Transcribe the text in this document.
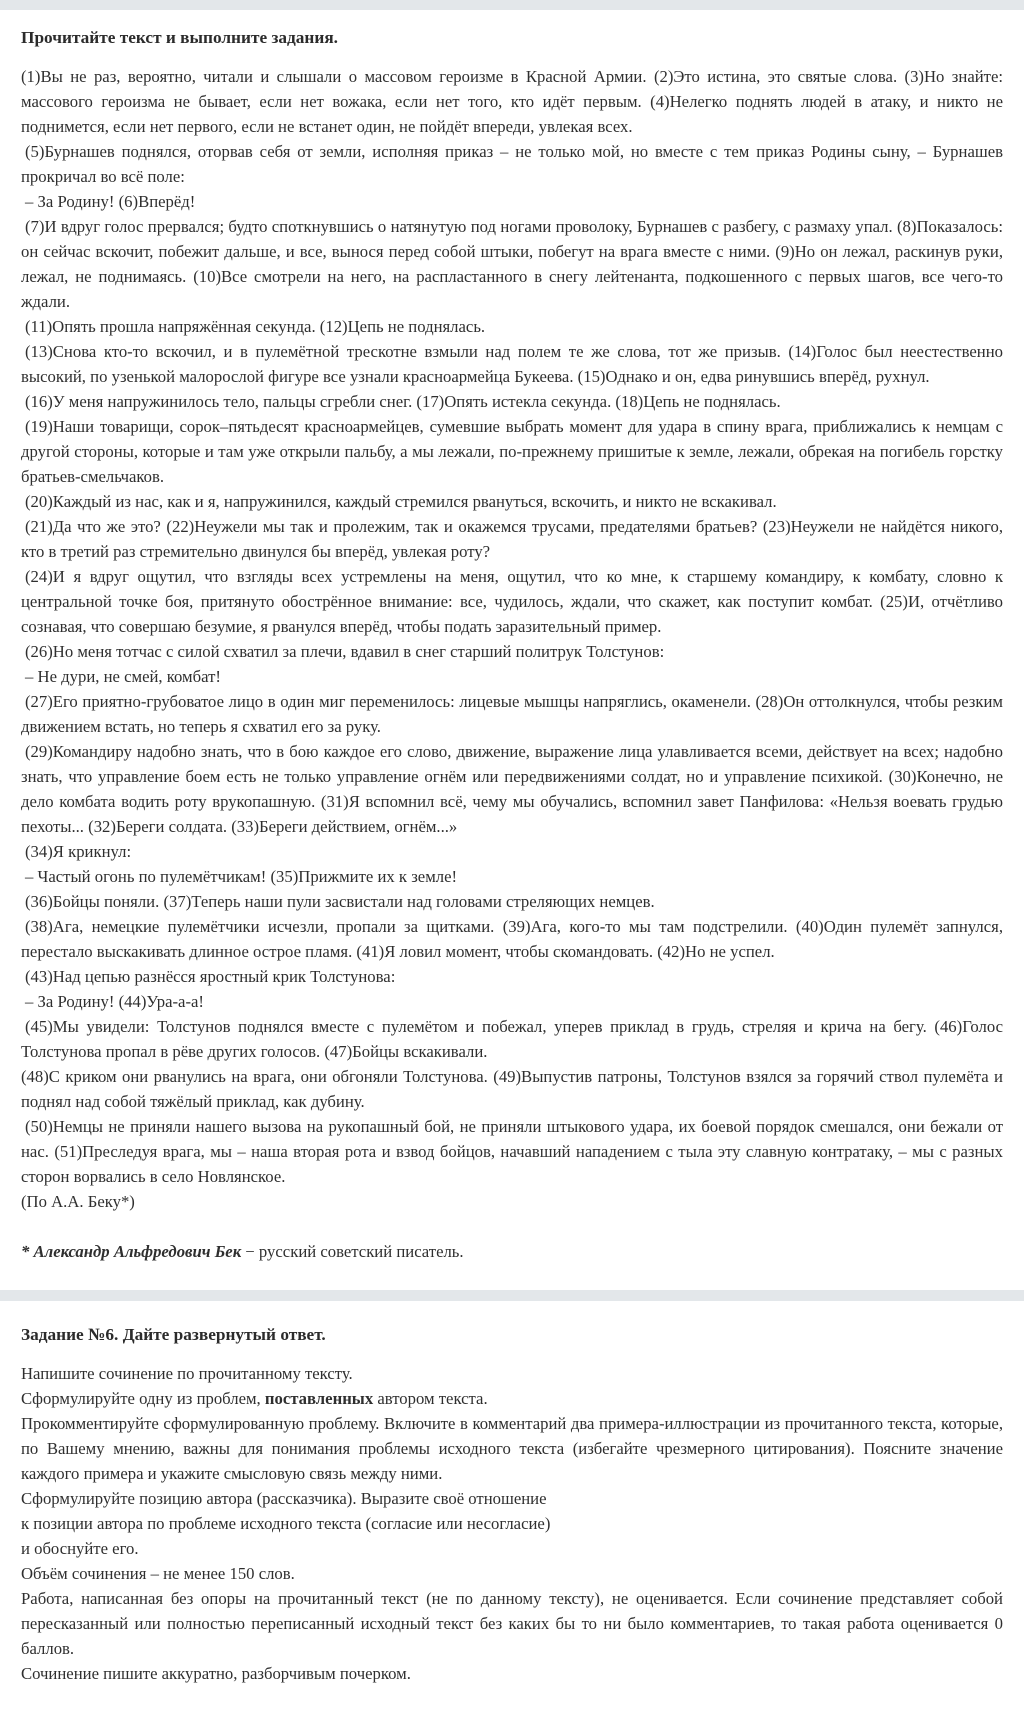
Прочитайте текст и выполните задания.

(1)Вы не раз, вероятно, читали и слышали о массовом героизме в Красной Армии. (2)Это истина, это святые слова. (3)Но знайте: массового героизма не бывает, если нет вожака, если нет того, кто идёт первым. (4)Нелегко поднять людей в атаку, и никто не поднимется, если нет первого, если не встанет один, не пойдёт впереди, увлекая всех.

(5)Бурнашев поднялся, оторвав себя от земли, исполняя приказ – не только мой, но вместе с тем приказ Родины сыну, – Бурнашев прокричал во всё поле:

– За Родину! (6)Вперёд!

(7)И вдруг голос прервался; будто споткнувшись о натянутую под ногами проволоку, Бурнашев с разбегу, с размаху упал. (8)Показалось: он сейчас вскочит, побежит дальше, и все, вынося перед собой штыки, побегут на врага вместе с ними. (9)Но он лежал, раскинув руки, лежал, не поднимаясь. (10)Все смотрели на него, на распластанного в снегу лейтенанта, подкошенного с первых шагов, все чего-то ждали.

(11)Опять прошла напряжённая секунда. (12)Цепь не поднялась.

(13)Снова кто-то вскочил, и в пулемётной трескотне взмыли над полем те же слова, тот же призыв. (14)Голос был неестественно высокий, по узенькой малорослой фигуре все узнали красноармейца Букеева. (15)Однако и он, едва ринувшись вперёд, рухнул.

(16)У меня напружинилось тело, пальцы сгребли снег. (17)Опять истекла секунда. (18)Цепь не поднялась.

(19)Наши товарищи, сорок–пятьдесят красноармейцев, сумевшие выбрать момент для удара в спину врага, приближались к немцам с другой стороны, которые и там уже открыли пальбу, а мы лежали, по-прежнему пришитые к земле, лежали, обрекая на погибель горстку братьев-смельчаков.

(20)Каждый из нас, как и я, напружинился, каждый стремился рвануться, вскочить, и никто не вскакивал.

(21)Да что же это? (22)Неужели мы так и пролежим, так и окажемся трусами, предателями братьев? (23)Неужели не найдётся никого, кто в третий раз стремительно двинулся бы вперёд, увлекая роту?

(24)И я вдруг ощутил, что взгляды всех устремлены на меня, ощутил, что ко мне, к старшему командиру, к комбату, словно к центральной точке боя, притянуто обострённое внимание: все, чудилось, ждали, что скажет, как поступит комбат. (25)И, отчётливо сознавая, что совершаю безумие, я рванулся вперёд, чтобы подать заразительный пример.

(26)Но меня тотчас с силой схватил за плечи, вдавил в снег старший политрук Толстунов:

– Не дури, не смей, комбат!

(27)Его приятно-грубоватое лицо в один миг переменилось: лицевые мышцы напряглись, окаменели. (28)Он оттолкнулся, чтобы резким движением встать, но теперь я схватил его за руку.

(29)Командиру надобно знать, что в бою каждое его слово, движение, выражение лица улавливается всеми, действует на всех; надобно знать, что управление боем есть не только управление огнём или передвижениями солдат, но и управление психикой. (30)Конечно, не дело комбата водить роту врукопашную. (31)Я вспомнил всё, чему мы обучались, вспомнил завет Панфилова: «Нельзя воевать грудью пехоты... (32)Береги солдата. (33)Береги действием, огнём...»

(34)Я крикнул:

– Частый огонь по пулемётчикам! (35)Прижмите их к земле!

(36)Бойцы поняли. (37)Теперь наши пули засвистали над головами стреляющих немцев.

(38)Ага, немецкие пулемётчики исчезли, пропали за щитками. (39)Ага, кого-то мы там подстрелили. (40)Один пулемёт запнулся, перестало выскакивать длинное острое пламя. (41)Я ловил момент, чтобы скомандовать. (42)Но не успел.

(43)Над цепью разнёсся яростный крик Толстунова:

– За Родину! (44)Ура-а-а!

(45)Мы увидели: Толстунов поднялся вместе с пулемётом и побежал, уперев приклад в грудь, стреляя и крича на бегу. (46)Голос Толстунова пропал в рёве других голосов. (47)Бойцы вскакивали.

(48)С криком они рванулись на врага, они обгоняли Толстунова. (49)Выпустив патроны, Толстунов взялся за горячий ствол пулемёта и поднял над собой тяжёлый приклад, как дубину.

(50)Немцы не приняли нашего вызова на рукопашный бой, не приняли штыкового удара, их боевой порядок смешался, они бежали от нас. (51)Преследуя врага, мы – наша вторая рота и взвод бойцов, начавший нападением с тыла эту славную контратаку, – мы с разных сторон ворвались в село Новлянское.

(По А.А. Беку*)

* Александр Альфредович Бек − русский советский писатель.
Задание №6. Дайте развернутый ответ.

Напишите сочинение по прочитанному тексту.

Сформулируйте одну из проблем, поставленных автором текста.

Прокомментируйте сформулированную проблему. Включите в комментарий два примера-иллюстрации из прочитанного текста, которые, по Вашему мнению, важны для понимания проблемы исходного текста (избегайте чрезмерного цитирования). Поясните значение каждого примера и укажите смысловую связь между ними.

Сформулируйте позицию автора (рассказчика). Выразите своё отношение

к позиции автора по проблеме исходного текста (согласие или несогласие)

и обоснуйте его.

Объём сочинения – не менее 150 слов.

Работа, написанная без опоры на прочитанный текст (не по данному тексту), не оценивается. Если сочинение представляет собой пересказанный или полностью переписанный исходный текст без каких бы то ни было комментариев, то такая работа оценивается 0 баллов.

Сочинение пишите аккуратно, разборчивым почерком.
